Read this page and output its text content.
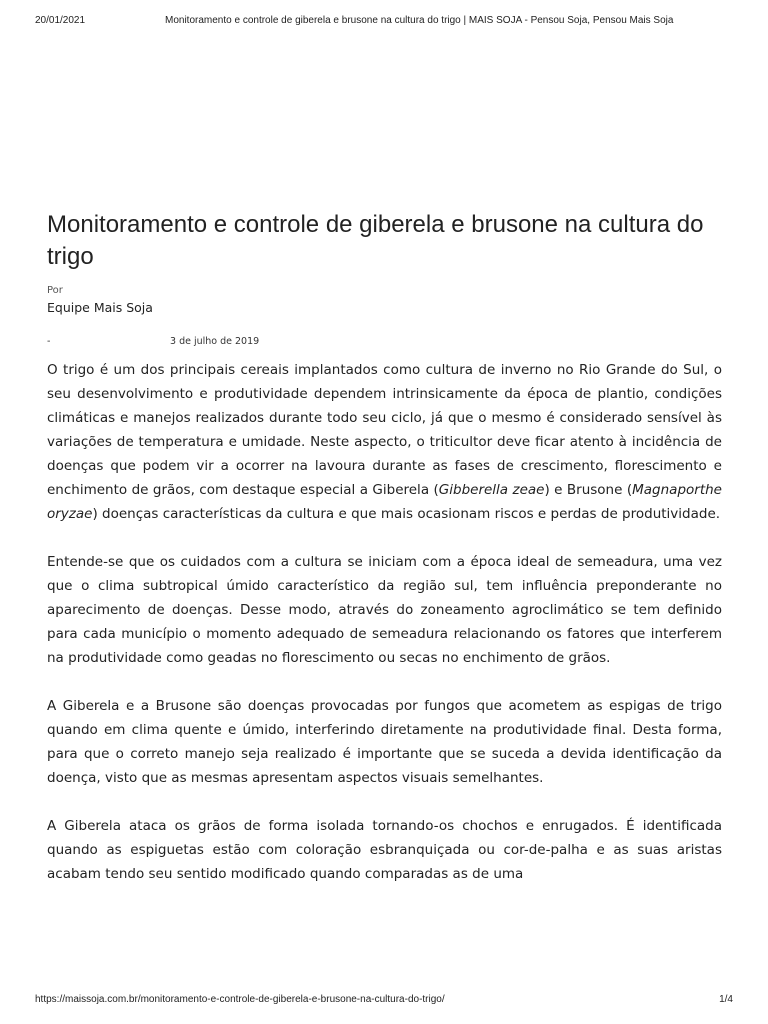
20/01/2021	Monitoramento e controle de giberela e brusone na cultura do trigo | MAIS SOJA - Pensou Soja, Pensou Mais Soja
Monitoramento e controle de giberela e brusone na cultura do trigo
Por
Equipe Mais Soja
-	3 de julho de 2019

O trigo é um dos principais cereais implantados como cultura de inverno no Rio Grande do Sul, o seu desenvolvimento e produtividade dependem intrinsicamente da época de plantio, condições climáticas e manejos realizados durante todo seu ciclo, já que o mesmo é considerado sensível às variações de temperatura e umidade. Neste aspecto, o triticultor deve ficar atento à incidência de doenças que podem vir a ocorrer na lavoura durante as fases de crescimento, florescimento e enchimento de grãos, com destaque especial a Giberela (Gibberella zeae) e Brusone (Magnaporthe oryzae) doenças características da cultura e que mais ocasionam riscos e perdas de produtividade.

Entende-se que os cuidados com a cultura se iniciam com a época ideal de semeadura, uma vez que o clima subtropical úmido característico da região sul, tem influência preponderante no aparecimento de doenças. Desse modo, através do zoneamento agroclimático se tem definido para cada município o momento adequado de semeadura relacionando os fatores que interferem na produtividade como geadas no florescimento ou secas no enchimento de grãos.

A Giberela e a Brusone são doenças provocadas por fungos que acometem as espigas de trigo quando em clima quente e úmido, interferindo diretamente na produtividade final. Desta forma, para que o correto manejo seja realizado é importante que se suceda a devida identificação da doença, visto que as mesmas apresentam aspectos visuais semelhantes.

A Giberela ataca os grãos de forma isolada tornando-os chochos e enrugados. É identificada quando as espiguetas estão com coloração esbranquiçada ou cor-de-palha e as suas aristas acabam tendo seu sentido modificado quando comparadas as de uma

https://maissoja.com.br/monitoramento-e-controle-de-giberela-e-brusone-na-cultura-do-trigo/	1/4
